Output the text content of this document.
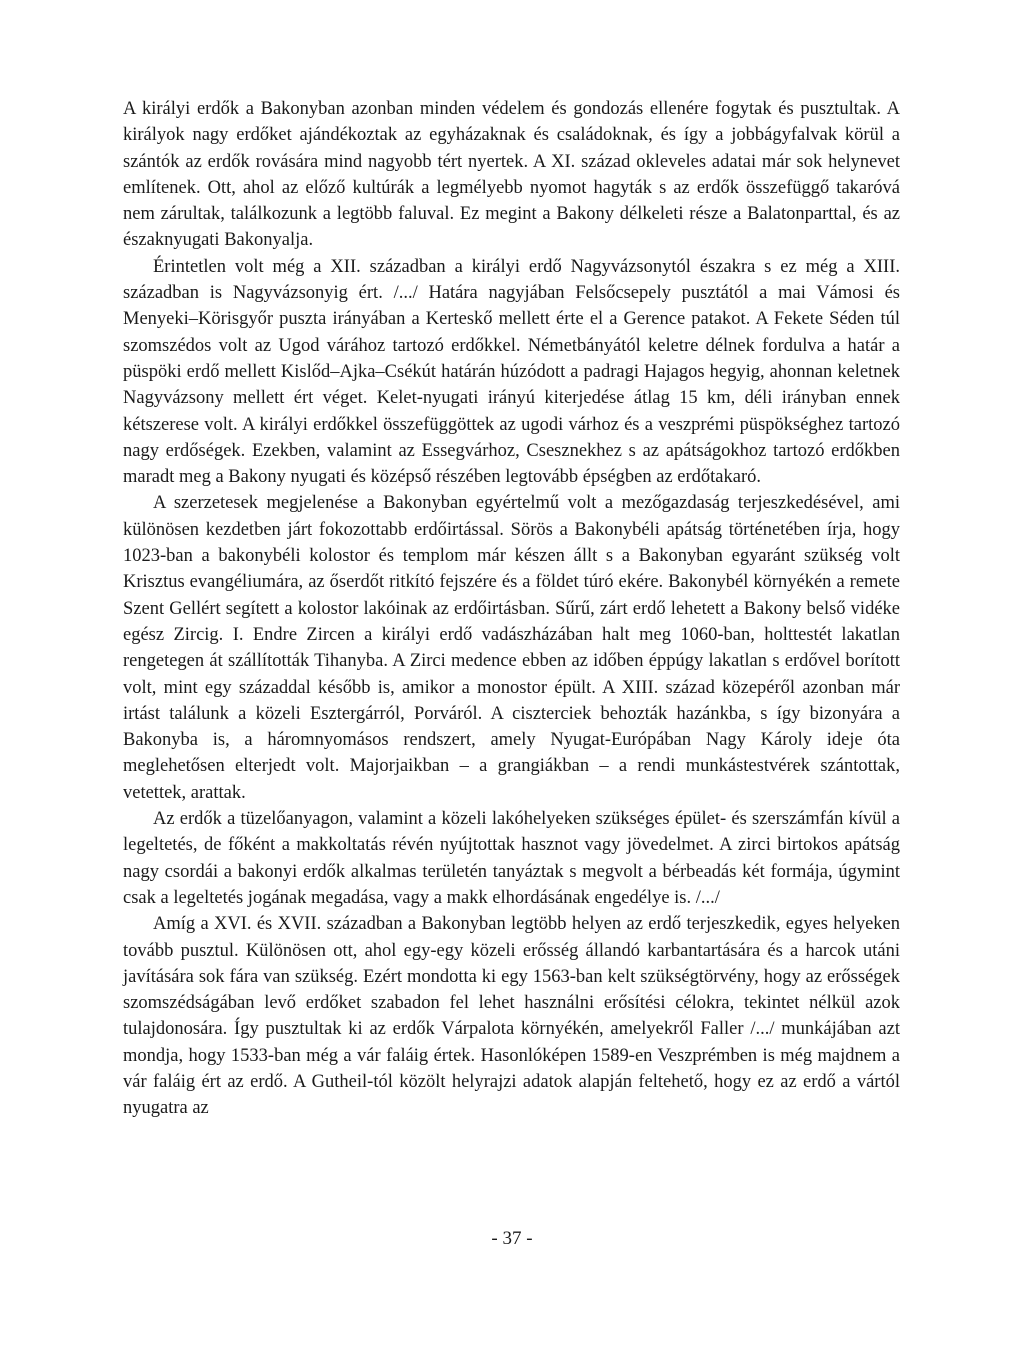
A királyi erdők a Bakonyban azonban minden védelem és gondozás ellenére fogytak és pusztultak. A királyok nagy erdőket ajándékoztak az egyházaknak és családoknak, és így a jobbágyfalvak körül a szántók az erdők rovására mind nagyobb tért nyertek. A XI. század okleveles adatai már sok helynevet említenek. Ott, ahol az előző kultúrák a legmélyebb nyomot hagyták s az erdők összefüggő takaróvá nem zárultak, találkozunk a legtöbb faluval. Ez megint a Bakony délkeleti része a Balatonparttal, és az északnyugati Bakonyalja.

Érintetlen volt még a XII. században a királyi erdő Nagyvázsonytól északra s ez még a XIII. században is Nagyvázsonyig ért. /.../ Határa nagyjában Felsőcsepely pusztától a mai Vámosi és Menyeki–Körisgyőr puszta irányában a Kerteskő mellett érte el a Gerence patakot. A Fekete Séden túl szomszédos volt az Ugod várához tartozó erdőkkel. Németbányától keletre délnek fordulva a határ a püspöki erdő mellett Kislőd–Ajka–Csékút határán húzódott a padragi Hajagos hegyig, ahonnan keletnek Nagyvázsony mellett ért véget. Kelet-nyugati irányú kiterjedése átlag 15 km, déli irányban ennek kétszerese volt. A királyi erdőkkel összefüggöttek az ugodi várhoz és a veszprémi püspökséghez tartozó nagy erdőségek. Ezekben, valamint az Essegvárhoz, Csesznekhez s az apátságokhoz tartozó erdőkben maradt meg a Bakony nyugati és középső részében legtovább épségben az erdőtakaró.

A szerzetesek megjelenése a Bakonyban egyértelmű volt a mezőgazdaság terjeszkedésével, ami különösen kezdetben járt fokozottabb erdőirtással. Sörös a Bakonybéli apátság történetében írja, hogy 1023-ban a bakonybéli kolostor és templom már készen állt s a Bakonyban egyaránt szükség volt Krisztus evangéliumára, az őserdőt ritkító fejszére és a földet túró ekére. Bakonybél környékén a remete Szent Gellért segített a kolostor lakóinak az erdőirtásban. Sűrű, zárt erdő lehetett a Bakony belső vidéke egész Zircig. I. Endre Zircen a királyi erdő vadászházában halt meg 1060-ban, holttestét lakatlan rengetegen át szállították Tihanyba. A Zirci medence ebben az időben éppúgy lakatlan s erdővel borított volt, mint egy századdal később is, amikor a monostor épült. A XIII. század közepéről azonban már irtást találunk a közeli Esztergárról, Porváról. A ciszterciek behozták hazánkba, s így bizonyára a Bakonyba is, a háromnyomásos rendszert, amely Nyugat-Európában Nagy Károly ideje óta meglehetősen elterjedt volt. Majorjaikban – a grangiákban – a rendi munkástestvérek szántottak, vetettek, arattak.

Az erdők a tüzelőanyagon, valamint a közeli lakóhelyeken szükséges épület- és szerszámfán kívül a legeltetés, de főként a makkoltatás révén nyújtottak hasznot vagy jövedelmet. A zirci birtokos apátság nagy csordái a bakonyi erdők alkalmas területén tanyáztak s megvolt a bérbeadás két formája, úgymint csak a legeltetés jogának megadása, vagy a makk elhordásának engedélye is. /.../

Amíg a XVI. és XVII. században a Bakonyban legtöbb helyen az erdő terjeszkedik, egyes helyeken tovább pusztul. Különösen ott, ahol egy-egy közeli erősség állandó karbantartására és a harcok utáni javítására sok fára van szükség. Ezért mondotta ki egy 1563-ban kelt szükségtörvény, hogy az erősségek szomszédságában levő erdőket szabadon fel lehet használni erősítési célokra, tekintet nélkül azok tulajdonosára. Így pusztultak ki az erdők Várpalota környékén, amelyekről Faller /.../ munkájában azt mondja, hogy 1533-ban még a vár faláig értek. Hasonlóképen 1589-en Veszprémben is még majdnem a vár faláig ért az erdő. A Gutheil-tól közölt helyrajzi adatok alapján feltehető, hogy ez az erdő a vártól nyugatra az

- 37 -
